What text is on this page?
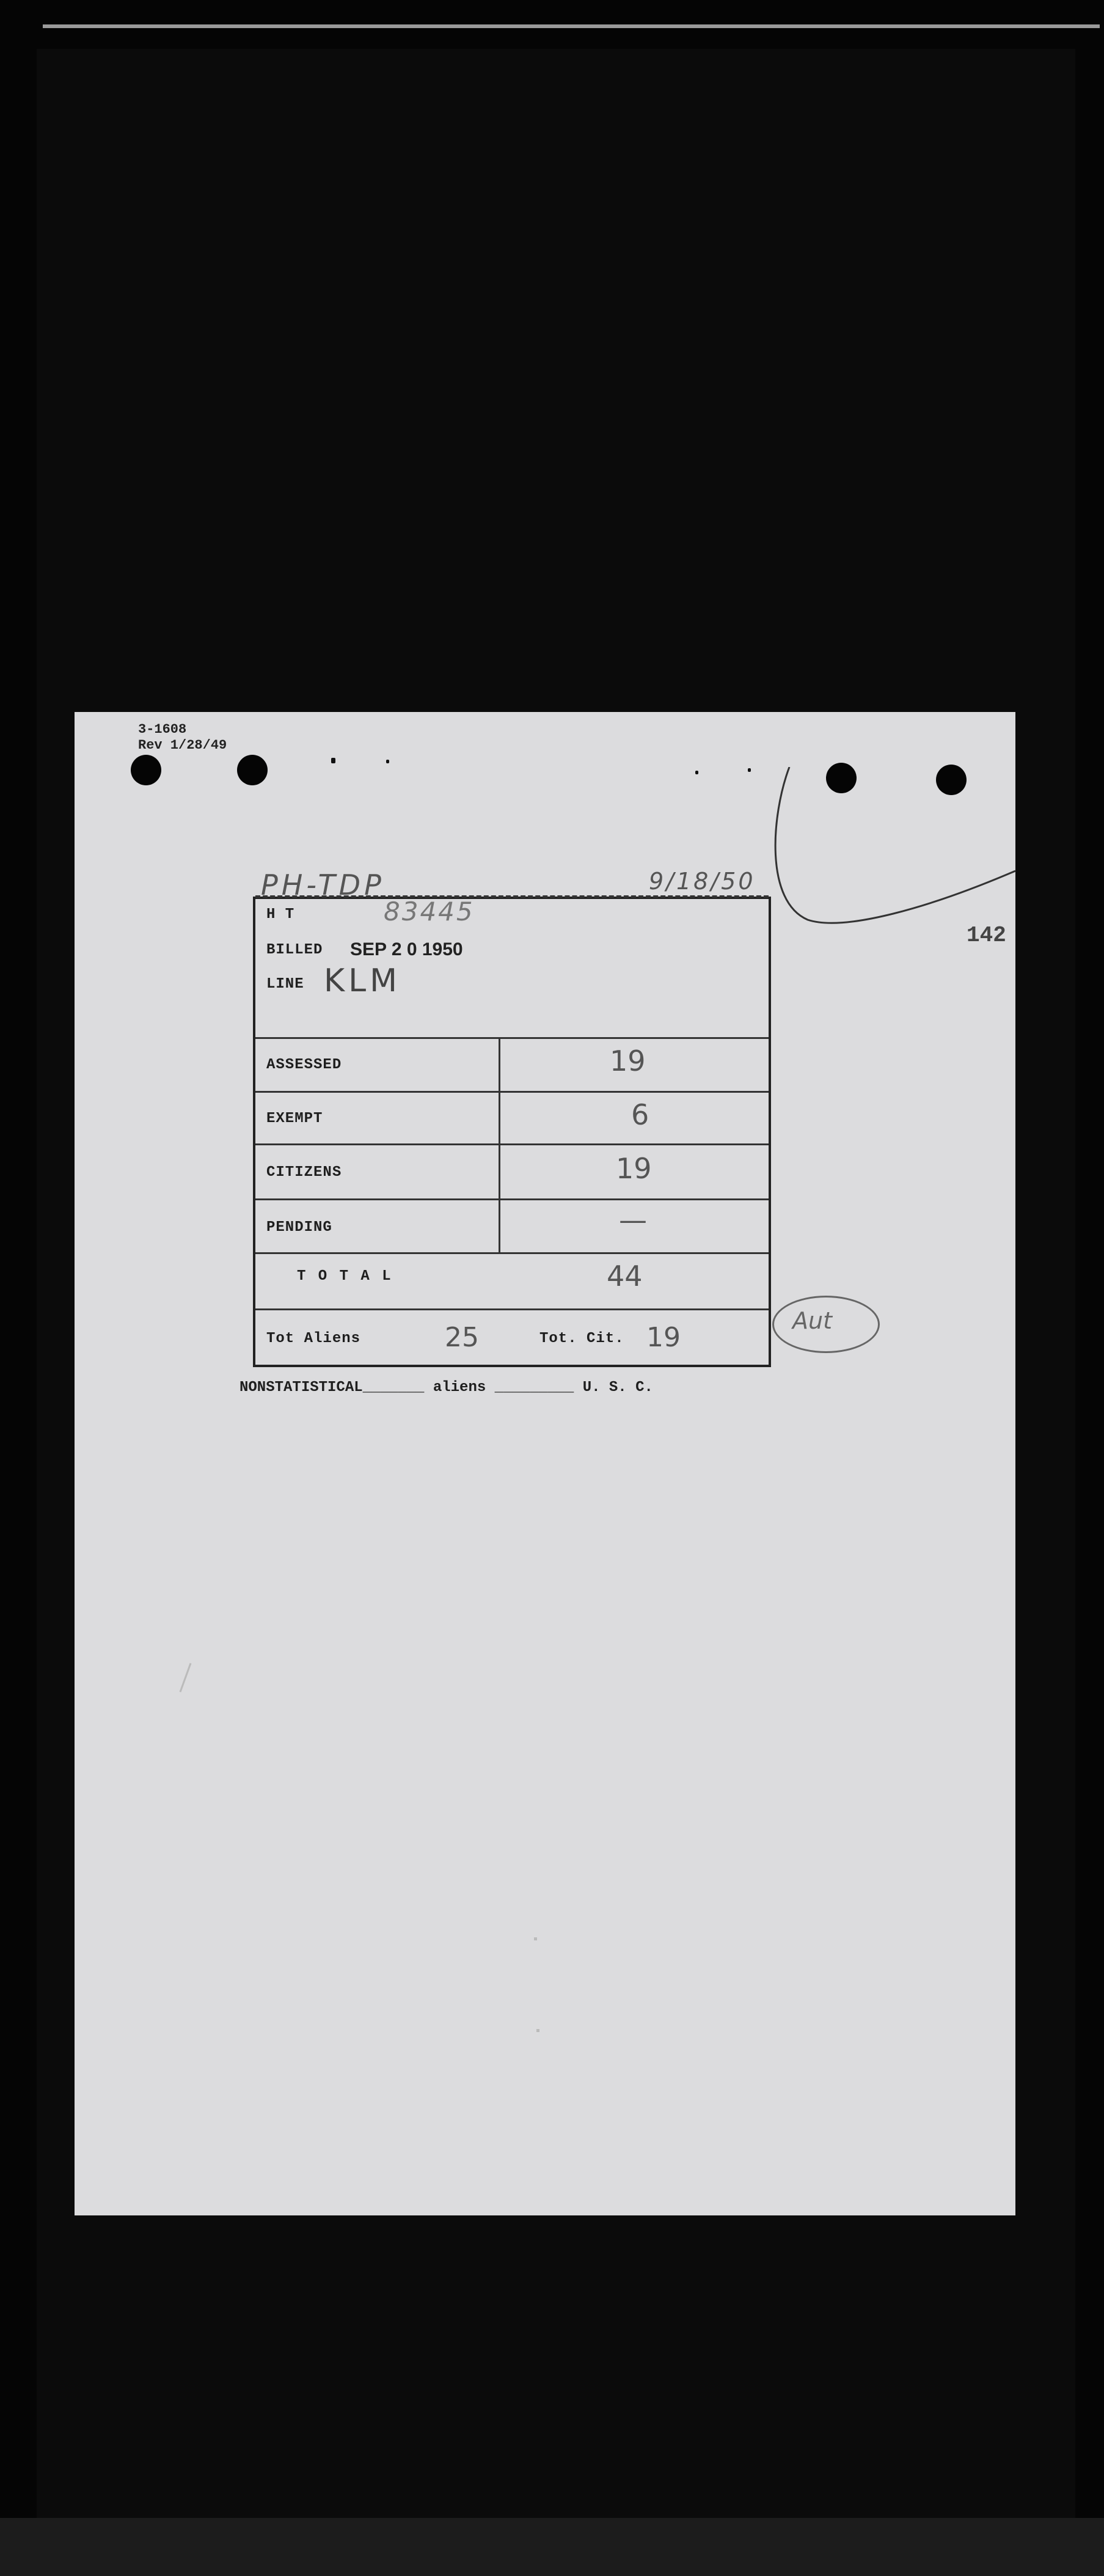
3-1608
Rev 1/28/49
142
PH-TDP	9/18/50
H T	83445
BILLED SEP 2 0 1950
LINE KLM
ASSESSED	19
EXEMPT	6
CITIZENS	19
PENDING	—
T O T A L	44
Tot Aliens	25	Tot. Cit. 19
Aut
NONSTATISTICAL_______ aliens _________ U. S. C.
